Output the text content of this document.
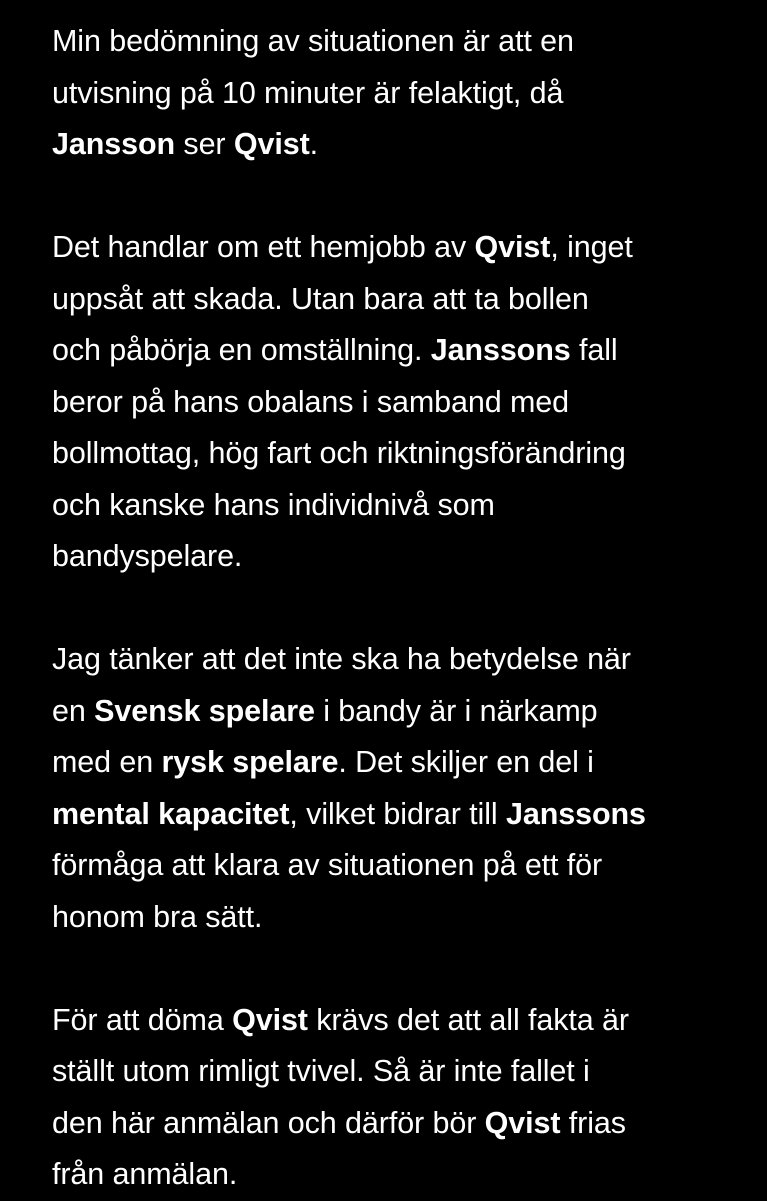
Min bedömning av situationen är att en
utvisning på 10 minuter är felaktigt, då
Jansson ser Qvist.

Det handlar om ett hemjobb av Qvist, inget
uppsåt att skada. Utan bara att ta bollen
och påbörja en omställning. Janssons fall
beror på hans obalans i samband med
bollmottag, hög fart och riktningsförändring
och kanske hans individnivå som
bandyspelare.

Jag tänker att det inte ska ha betydelse när
en Svensk spelare i bandy är i närkamp
med en rysk spelare. Det skiljer en del i
mental kapacitet, vilket bidrar till Janssons
förmåga att klara av situationen på ett för
honom bra sätt.

För att döma Qvist krävs det att all fakta är
ställt utom rimligt tvivel. Så är inte fallet i
den här anmälan och därför bör Qvist frias
från anmälan.
